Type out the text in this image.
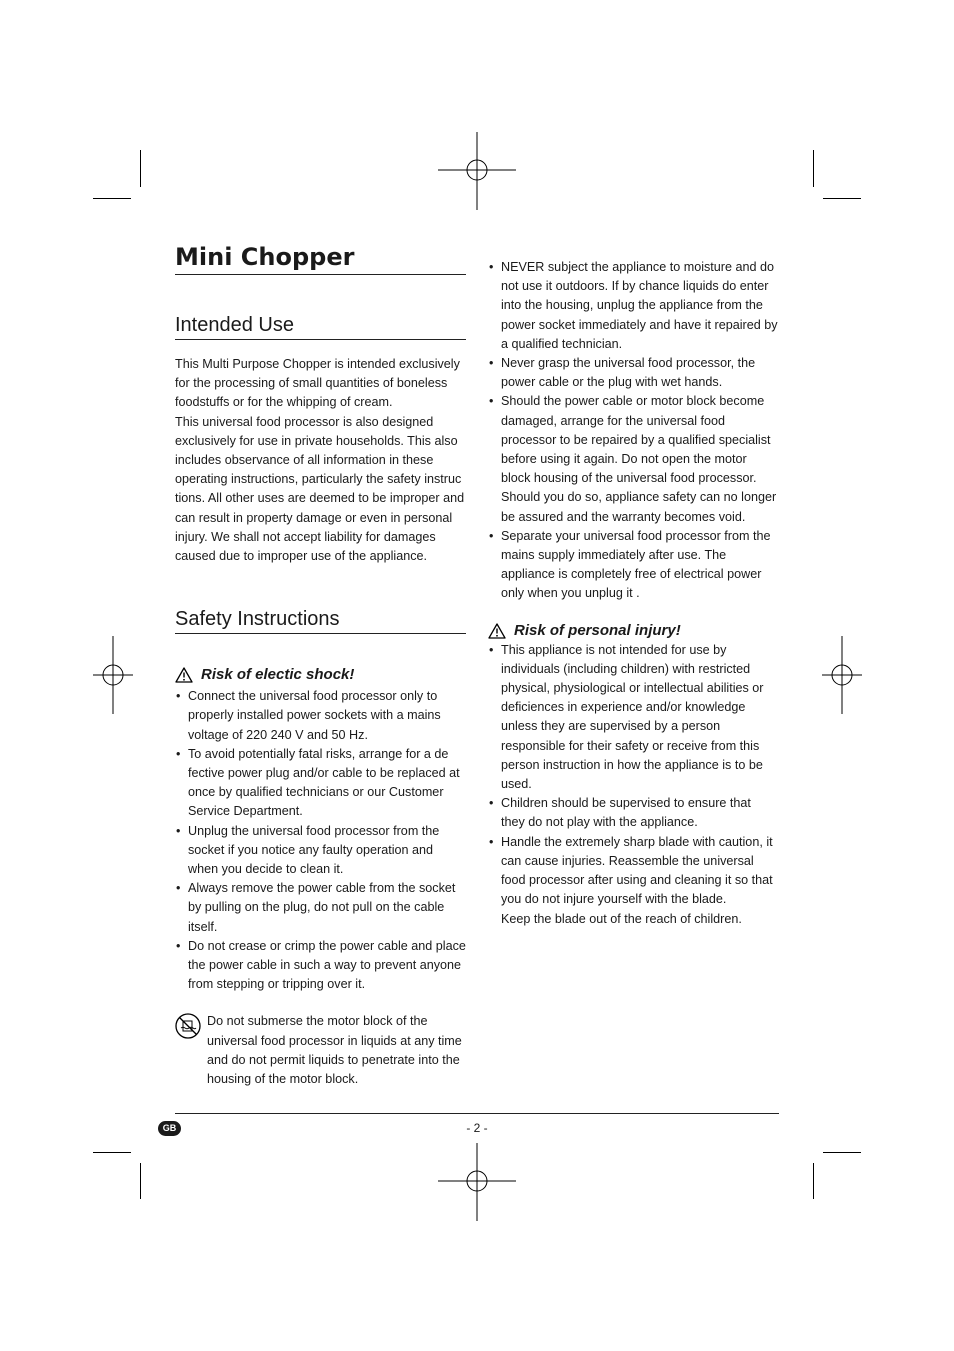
Mini Chopper
Intended Use

This Multi Purpose Chopper is intended exclusively for the processing of small quantities of boneless foodstuffs or for the whipping of cream.

This universal food processor is also designed exclusively for use in private households. This also includes observance of all information in these operating instructions, particularly the safety instruc tions. All other uses are deemed to be improper and can result in property damage or even in personal injury. We shall not accept liability for damages caused due to improper use of the appliance.

Safety Instructions
Risk of electic shock!
• Connect the universal food processor only to properly installed power sockets with a mains voltage of 220 240 V and 50 Hz.
• To avoid potentially fatal risks, arrange for a de fective power plug and/or cable to be replaced at once by qualified technicians or our Customer Service Department.
• Unplug the universal food processor from the socket if you notice any faulty operation and when you decide to clean it.
• Always remove the power cable from the socket by pulling on the plug, do not pull on the cable itself.
• Do not crease or crimp the power cable and place the power cable in such a way to prevent anyone from stepping or tripping over it.
Do not submerse the motor block of the universal food processor in liquids at any time and do not permit liquids to penetrate into the housing of the motor block.
• NEVER subject the appliance to moisture and do not use it outdoors. If by chance liquids do enter into the housing, unplug the appliance from the power socket immediately and have it repaired by a qualified technician.
• Never grasp the universal food processor, the power cable or the plug with wet hands.
• Should the power cable or motor block become damaged, arrange for the universal food processor to be repaired by a qualified specialist before using it again. Do not open the motor block housing of the universal food processor. Should you do so, appliance safety can no longer be assured and the warranty becomes void.
• Separate your universal food processor from the mains supply immediately after use. The appliance is completely free of electrical power only when you unplug it .
Risk of personal injury!
• This appliance is not intended for use by individuals (including children) with restricted physical, physiological or intellectual abilities or deficiences in experience and/or knowledge unless they are supervised by a person responsible for their safety or receive from this person instruction in how the appliance is to be used.
• Children should be supervised to ensure that they do not play with the appliance.
• Handle the extremely sharp blade with caution, it can cause injuries. Reassemble the universal food processor after using and cleaning it so that you do not injure yourself with the blade.
Keep the blade out of the reach of children.
GB	- 2 -
